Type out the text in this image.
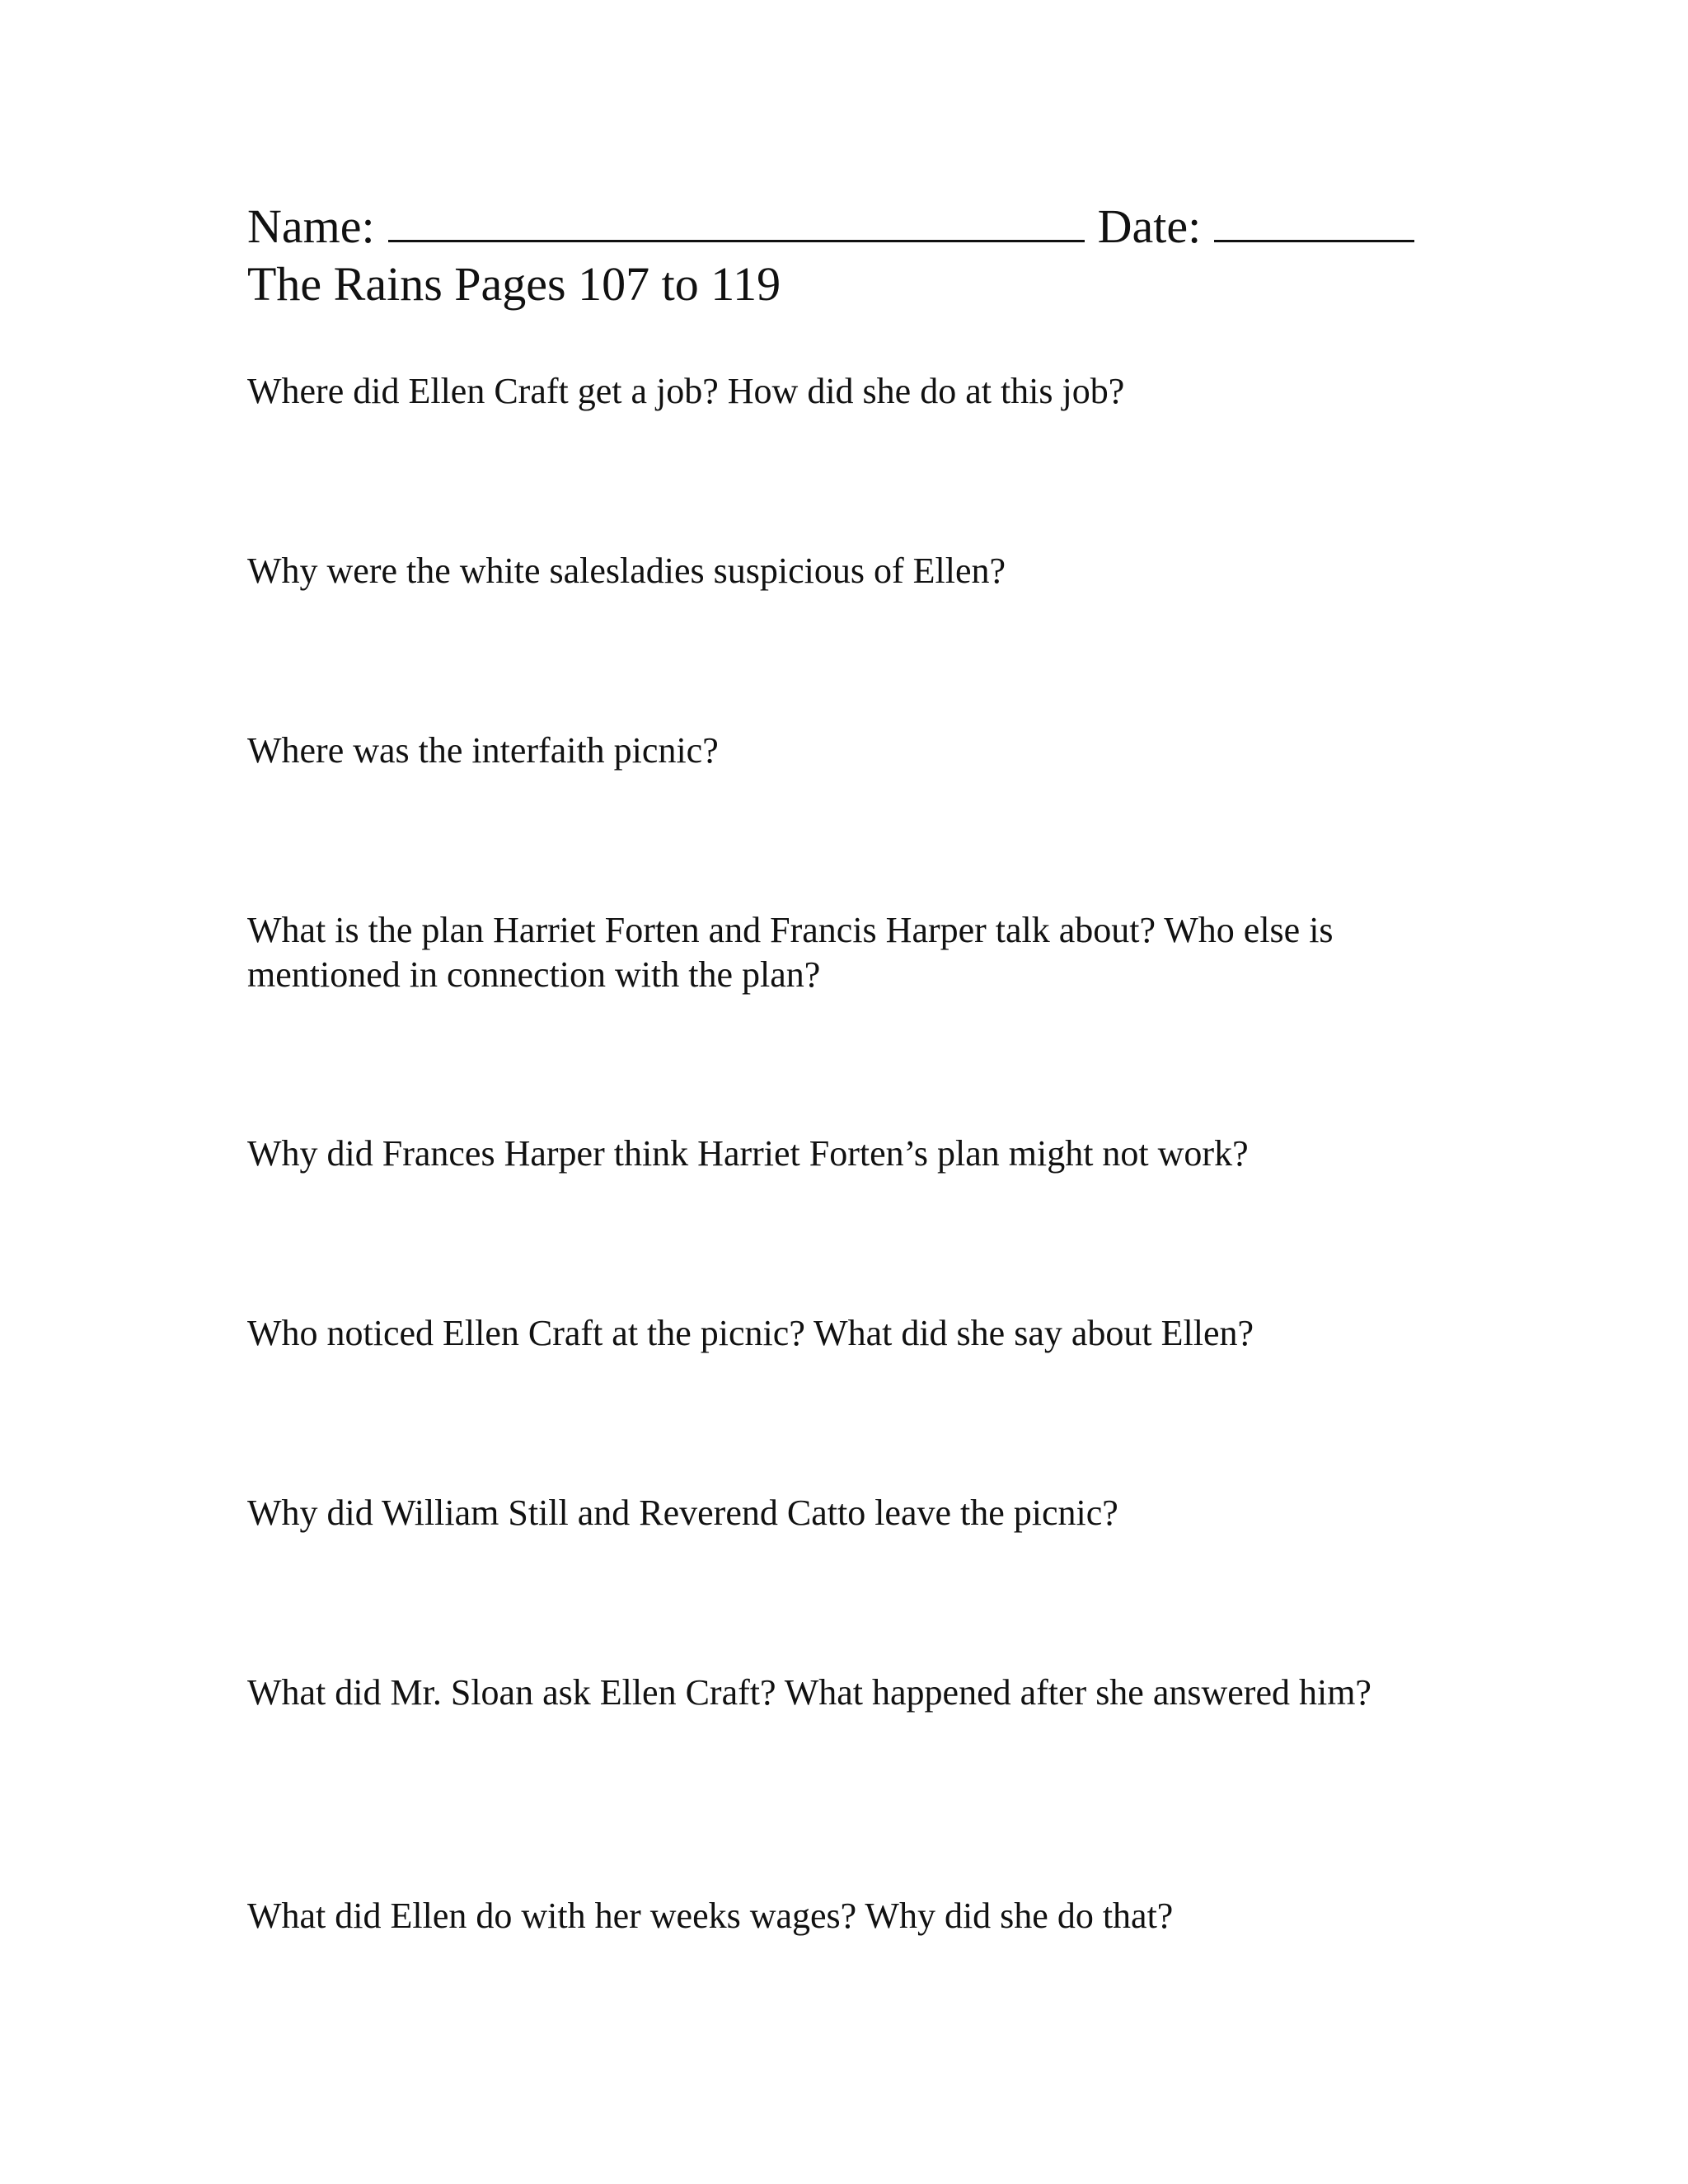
Name:	Date:
The Rains Pages 107 to 119
Where did Ellen Craft get a job? How did she do at this job?
Why were the white salesladies suspicious of Ellen?
Where was the interfaith picnic?
What is the plan Harriet Forten and Francis Harper talk about? Who else is mentioned in connection with the plan?
Why did Frances Harper think Harriet Forten’s plan might not work?
Who noticed Ellen Craft at the picnic? What did she say about Ellen?
Why did William Still and Reverend Catto leave the picnic?
What did Mr. Sloan ask Ellen Craft? What happened after she answered him?
What did Ellen do with her weeks wages? Why did she do that?
